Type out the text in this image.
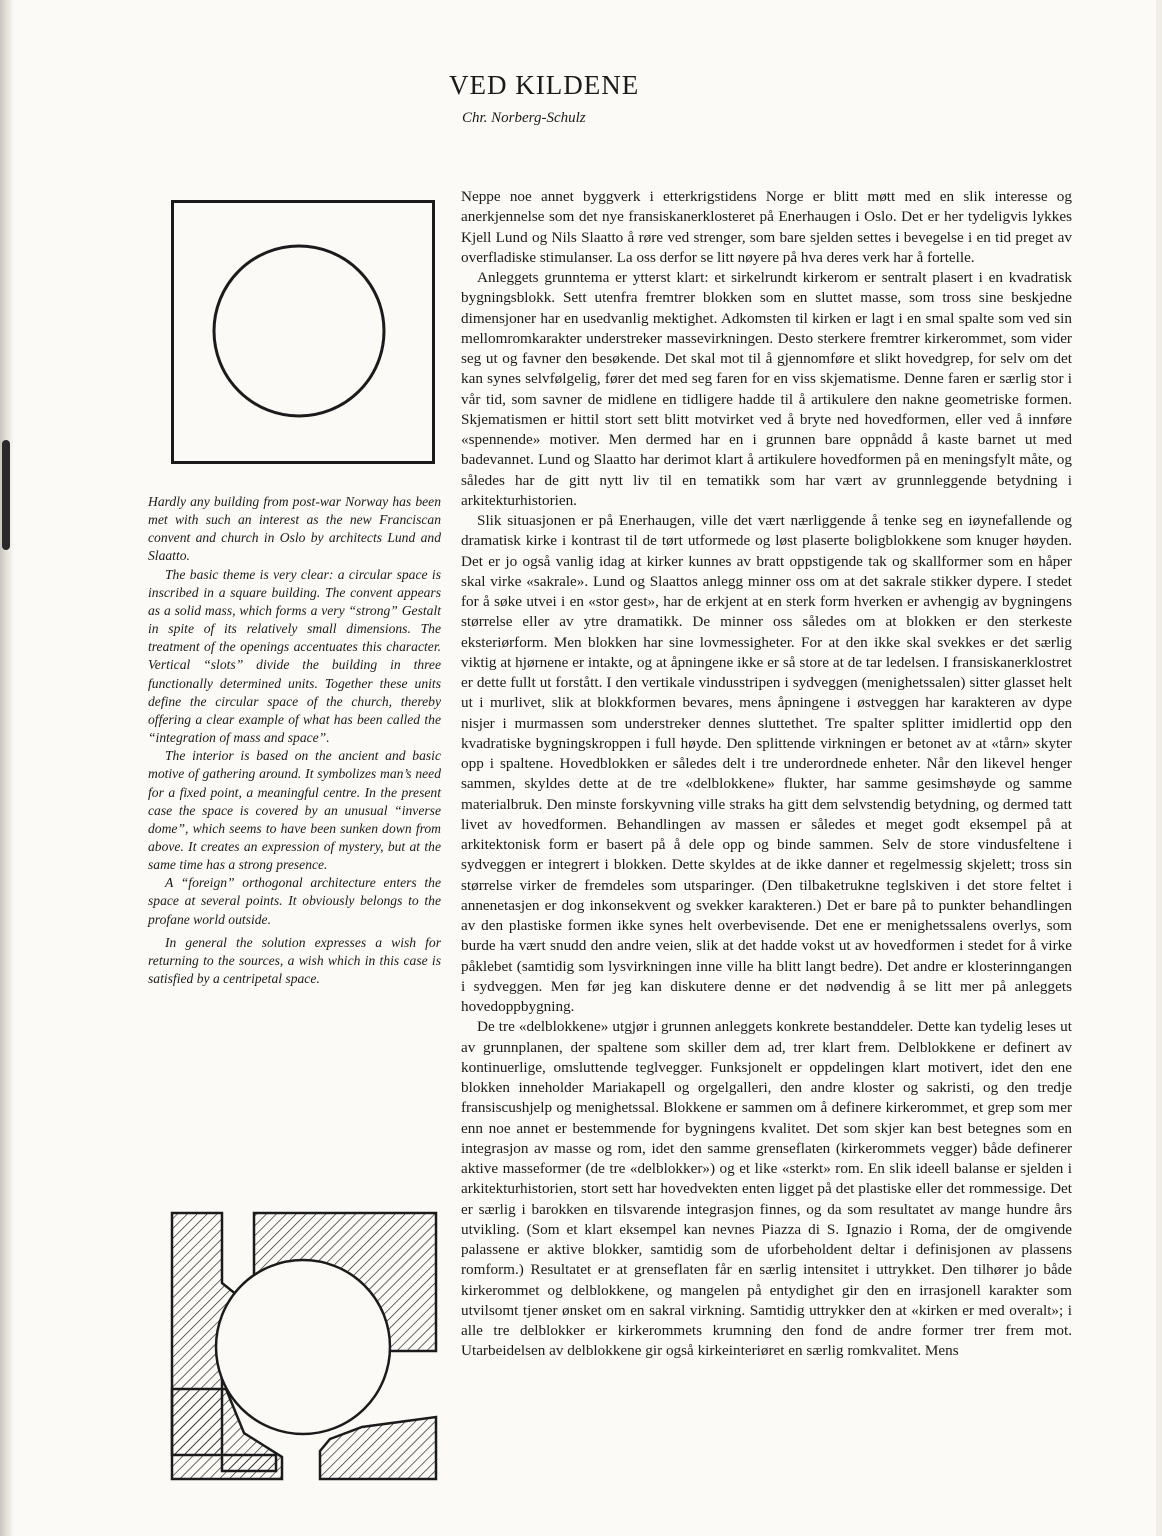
VED KILDENE
Chr. Norberg-Schulz

Hardly any building from post-war Norway has been met with such an interest as the new Franciscan convent and church in Oslo by architects Lund and Slaatto.

The basic theme is very clear: a circular space is inscribed in a square building. The convent appears as a solid mass, which forms a very “strong” Gestalt in spite of its relatively small dimensions. The treatment of the openings accentuates this character. Vertical “slots” divide the building in three functionally determined units. Together these units define the circular space of the church, thereby offering a clear example of what has been called the “integration of mass and space”.

The interior is based on the ancient and basic motive of gathering around. It symbolizes man’s need for a fixed point, a meaningful centre. In the present case the space is covered by an unusual “inverse dome”, which seems to have been sunken down from above. It creates an expression of mystery, but at the same time has a strong presence.

A “foreign” orthogonal architecture enters the space at several points. It obviously belongs to the profane world outside.

In general the solution expresses a wish for returning to the sources, a wish which in this case is satisfied by a centripetal space.

Neppe noe annet byggverk i etterkrigstidens Norge er blitt møtt med en slik interesse og anerkjennelse som det nye fransiskanerklosteret på Enerhaugen i Oslo. Det er her tydeligvis lykkes Kjell Lund og Nils Slaatto å røre ved strenger, som bare sjelden settes i bevegelse i en tid preget av overfladiske stimulanser. La oss derfor se litt nøyere på hva deres verk har å fortelle.

Anleggets grunntema er ytterst klart: et sirkelrundt kirkerom er sentralt plasert i en kvadratisk bygningsblokk. Sett utenfra fremtrer blokken som en sluttet masse, som tross sine beskjedne dimensjoner har en usedvanlig mektighet. Adkomsten til kirken er lagt i en smal spalte som ved sin mellomromkarakter understreker massevirkningen. Desto sterkere fremtrer kirkerommet, som vider seg ut og favner den besøkende. Det skal mot til å gjennomføre et slikt hovedgrep, for selv om det kan synes selvfølgelig, fører det med seg faren for en viss skjematisme. Denne faren er særlig stor i vår tid, som savner de midlene en tidligere hadde til å artikulere den nakne geometriske formen. Skjematismen er hittil stort sett blitt motvirket ved å bryte ned hovedformen, eller ved å innføre «spennende» motiver. Men dermed har en i grunnen bare oppnådd å kaste barnet ut med badevannet. Lund og Slaatto har derimot klart å artikulere hovedformen på en meningsfylt måte, og således har de gitt nytt liv til en tematikk som har vært av grunnleggende betydning i arkitekturhistorien.

Slik situasjonen er på Enerhaugen, ville det vært nærliggende å tenke seg en iøynefallende og dramatisk kirke i kontrast til de tørt utformede og løst plaserte boligblokkene som knuger høyden. Det er jo også vanlig idag at kirker kunnes av bratt oppstigende tak og skallformer som en håper skal virke «sakrale». Lund og Slaattos anlegg minner oss om at det sakrale stikker dypere. I stedet for å søke utvei i en «stor gest», har de erkjent at en sterk form hverken er avhengig av bygningens størrelse eller av ytre dramatikk. De minner oss således om at blokken er den sterkeste eksteriørform. Men blokken har sine lovmessigheter. For at den ikke skal svekkes er det særlig viktig at hjørnene er intakte, og at åpningene ikke er så store at de tar ledelsen. I fransiskanerklostret er dette fullt ut forstått. I den vertikale vindusstripen i sydveggen (menighetssalen) sitter glasset helt ut i murlivet, slik at blokkformen bevares, mens åpningene i østveggen har karakteren av dype nisjer i murmassen som understreker dennes sluttethet. Tre spalter splitter imidlertid opp den kvadratiske bygningskroppen i full høyde. Den splittende virkningen er betonet av at «tårn» skyter opp i spaltene. Hovedblokken er således delt i tre underordnede enheter. Når den likevel henger sammen, skyldes dette at de tre «delblokkene» flukter, har samme gesimshøyde og samme materialbruk. Den minste forskyvning ville straks ha gitt dem selvstendig betydning, og dermed tatt livet av hovedformen. Behandlingen av massen er således et meget godt eksempel på at arkitektonisk form er basert på å dele opp og binde sammen. Selv de store vindusfeltene i sydveggen er integrert i blokken. Dette skyldes at de ikke danner et regelmessig skjelett; tross sin størrelse virker de fremdeles som utsparinger. (Den tilbaketrukne teglskiven i det store feltet i annenetasjen er dog inkonsekvent og svekker karakteren.) Det er bare på to punkter behandlingen av den plastiske formen ikke synes helt overbevisende. Det ene er menighetssalens overlys, som burde ha vært snudd den andre veien, slik at det hadde vokst ut av hovedformen i stedet for å virke påklebet (samtidig som lysvirkningen inne ville ha blitt langt bedre). Det andre er klosterinngangen i sydveggen. Men før jeg kan diskutere denne er det nødvendig å se litt mer på anleggets hovedoppbygning.

De tre «delblokkene» utgjør i grunnen anleggets konkrete bestanddeler. Dette kan tydelig leses ut av grunnplanen, der spaltene som skiller dem ad, trer klart frem. Delblokkene er definert av kontinuerlige, omsluttende teglvegger. Funksjonelt er oppdelingen klart motivert, idet den ene blokken inneholder Mariakapell og orgelgalleri, den andre kloster og sakristi, og den tredje fransiscushjelp og menighetssal. Blokkene er sammen om å definere kirkerommet, et grep som mer enn noe annet er bestemmende for bygningens kvalitet. Det som skjer kan best betegnes som en integrasjon av masse og rom, idet den samme grenseflaten (kirkerommets vegger) både definerer aktive masseformer (de tre «delblokker») og et like «sterkt» rom. En slik ideell balanse er sjelden i arkitekturhistorien, stort sett har hovedvekten enten ligget på det plastiske eller det rommessige. Det er særlig i barokken en tilsvarende integrasjon finnes, og da som resultatet av mange hundre års utvikling. (Som et klart eksempel kan nevnes Piazza di S. Ignazio i Roma, der de omgivende palassene er aktive blokker, samtidig som de uforbeholdent deltar i definisjonen av plassens romform.) Resultatet er at grenseflaten får en særlig intensitet i uttrykket. Den tilhører jo både kirkerommet og delblokkene, og mangelen på entydighet gir den en irrasjonell karakter som utvilsomt tjener ønsket om en sakral virkning. Samtidig uttrykker den at «kirken er med overalt»; i alle tre delblokker er kirkerommets krumning den fond de andre former trer frem mot. Utarbeidelsen av delblokkene gir også kirkeinteriøret en særlig romkvalitet. Mens
